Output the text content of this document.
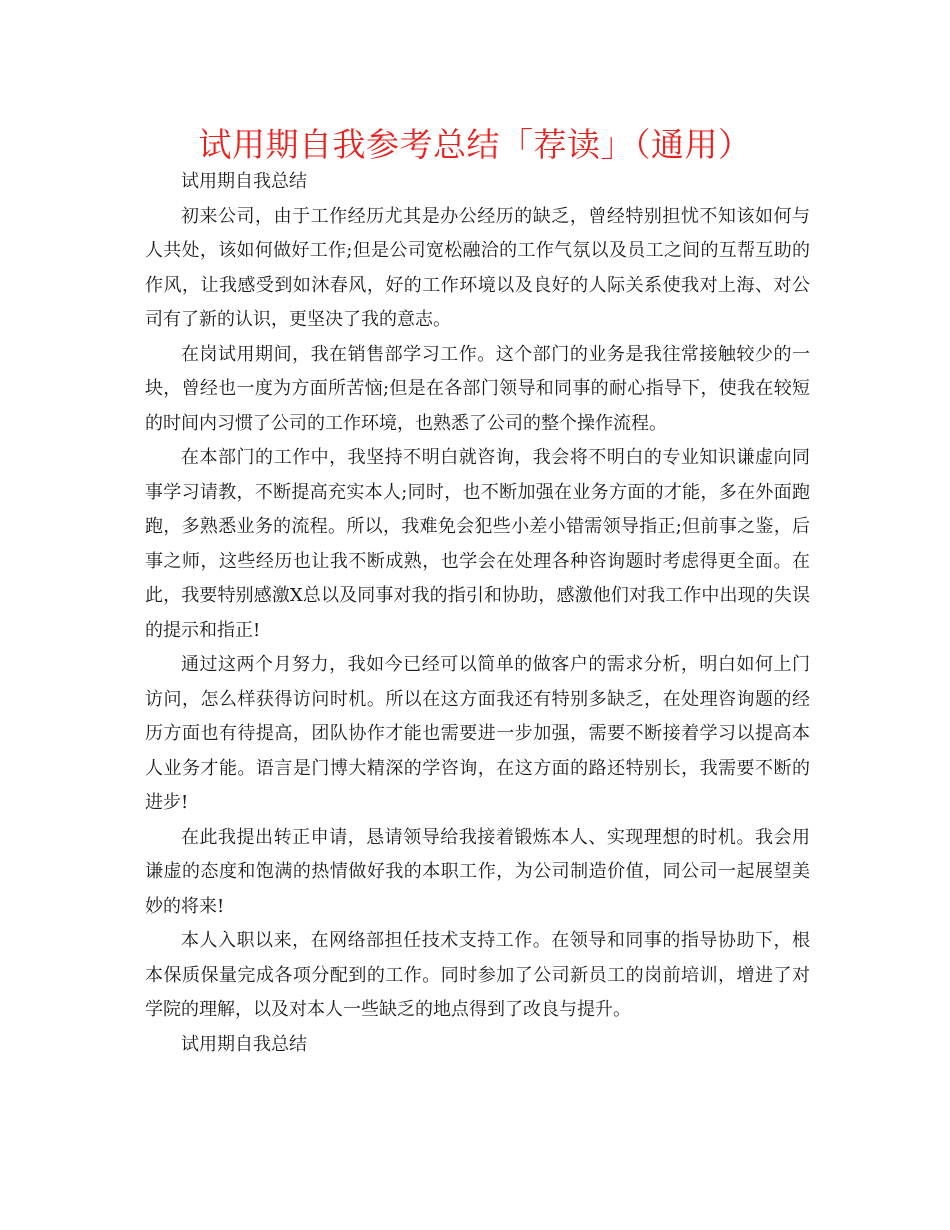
试用期自我参考总结「荐读」（通用）

试用期自我总结

初来公司，由于工作经历尤其是办公经历的缺乏，曾经特别担忧不知该如何与人共处，该如何做好工作;但是公司宽松融洽的工作气氛以及员工之间的互帮互助的作风，让我感受到如沐春风，好的工作环境以及良好的人际关系使我对上海、对公司有了新的认识，更坚决了我的意志。

在岗试用期间，我在销售部学习工作。这个部门的业务是我往常接触较少的一块，曾经也一度为方面所苦恼;但是在各部门领导和同事的耐心指导下，使我在较短的时间内习惯了公司的工作环境，也熟悉了公司的整个操作流程。

在本部门的工作中，我坚持不明白就咨询，我会将不明白的专业知识谦虚向同事学习请教，不断提高充实本人;同时，也不断加强在业务方面的才能，多在外面跑跑，多熟悉业务的流程。所以，我难免会犯些小差小错需领导指正;但前事之鉴，后事之师，这些经历也让我不断成熟，也学会在处理各种咨询题时考虑得更全面。在此，我要特别感激X总以及同事对我的指引和协助，感激他们对我工作中出现的失误的提示和指正!

通过这两个月努力，我如今已经可以简单的做客户的需求分析，明白如何上门访问，怎么样获得访问时机。所以在这方面我还有特别多缺乏，在处理咨询题的经历方面也有待提高，团队协作才能也需要进一步加强，需要不断接着学习以提高本人业务才能。语言是门博大精深的学咨询，在这方面的路还特别长，我需要不断的进步!

在此我提出转正申请，恳请领导给我接着锻炼本人、实现理想的时机。我会用谦虚的态度和饱满的热情做好我的本职工作，为公司制造价值，同公司一起展望美妙的将来!

本人入职以来，在网络部担任技术支持工作。在领导和同事的指导协助下，根本保质保量完成各项分配到的工作。同时参加了公司新员工的岗前培训，增进了对学院的理解，以及对本人一些缺乏的地点得到了改良与提升。

试用期自我总结
